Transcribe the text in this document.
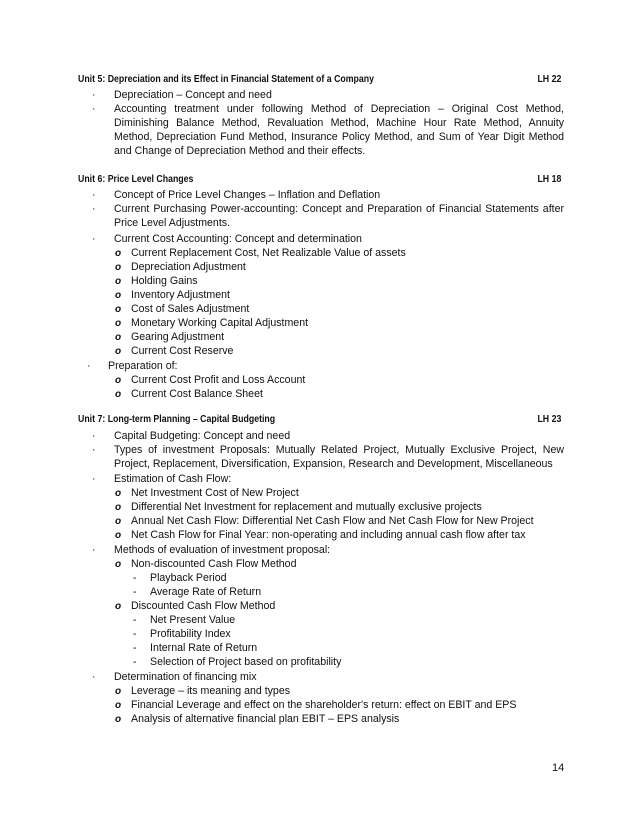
Unit 5: Depreciation and its Effect in Financial Statement of a Company	LH 22
· Depreciation – Concept and need
· Accounting treatment under following Method of Depreciation – Original Cost Method, Diminishing Balance Method, Revaluation Method, Machine Hour Rate Method, Annuity Method, Depreciation Fund Method, Insurance Policy Method, and Sum of Year Digit Method and Change of Depreciation Method and their effects.
Unit 6: Price Level Changes	LH 18
· Concept of Price Level Changes – Inflation and Deflation
· Current Purchasing Power-accounting: Concept and Preparation of Financial Statements after Price Level Adjustments.
· Current Cost Accounting: Concept and determination
o Current Replacement Cost, Net Realizable Value of assets
o Depreciation Adjustment
o Holding Gains
o Inventory Adjustment
o Cost of Sales Adjustment
o Monetary Working Capital Adjustment
o Gearing Adjustment
o Current Cost Reserve
· Preparation of:
o Current Cost Profit and Loss Account
o Current Cost Balance Sheet
Unit 7: Long-term Planning – Capital Budgeting	LH 23
· Capital Budgeting: Concept and need
· Types of investment Proposals: Mutually Related Project, Mutually Exclusive Project, New Project, Replacement, Diversification, Expansion, Research and Development, Miscellaneous
· Estimation of Cash Flow:
o Net Investment Cost of New Project
o Differential Net Investment for replacement and mutually exclusive projects
o Annual Net Cash Flow: Differential Net Cash Flow and Net Cash Flow for New Project
o Net Cash Flow for Final Year: non-operating and including annual cash flow after tax
· Methods of evaluation of investment proposal:
o Non-discounted Cash Flow Method
- Playback Period
- Average Rate of Return
o Discounted Cash Flow Method
- Net Present Value
- Profitability Index
- Internal Rate of Return
- Selection of Project based on profitability
· Determination of financing mix
o Leverage – its meaning and types
o Financial Leverage and effect on the shareholder's return: effect on EBIT and EPS
o Analysis of alternative financial plan EBIT – EPS analysis
14
